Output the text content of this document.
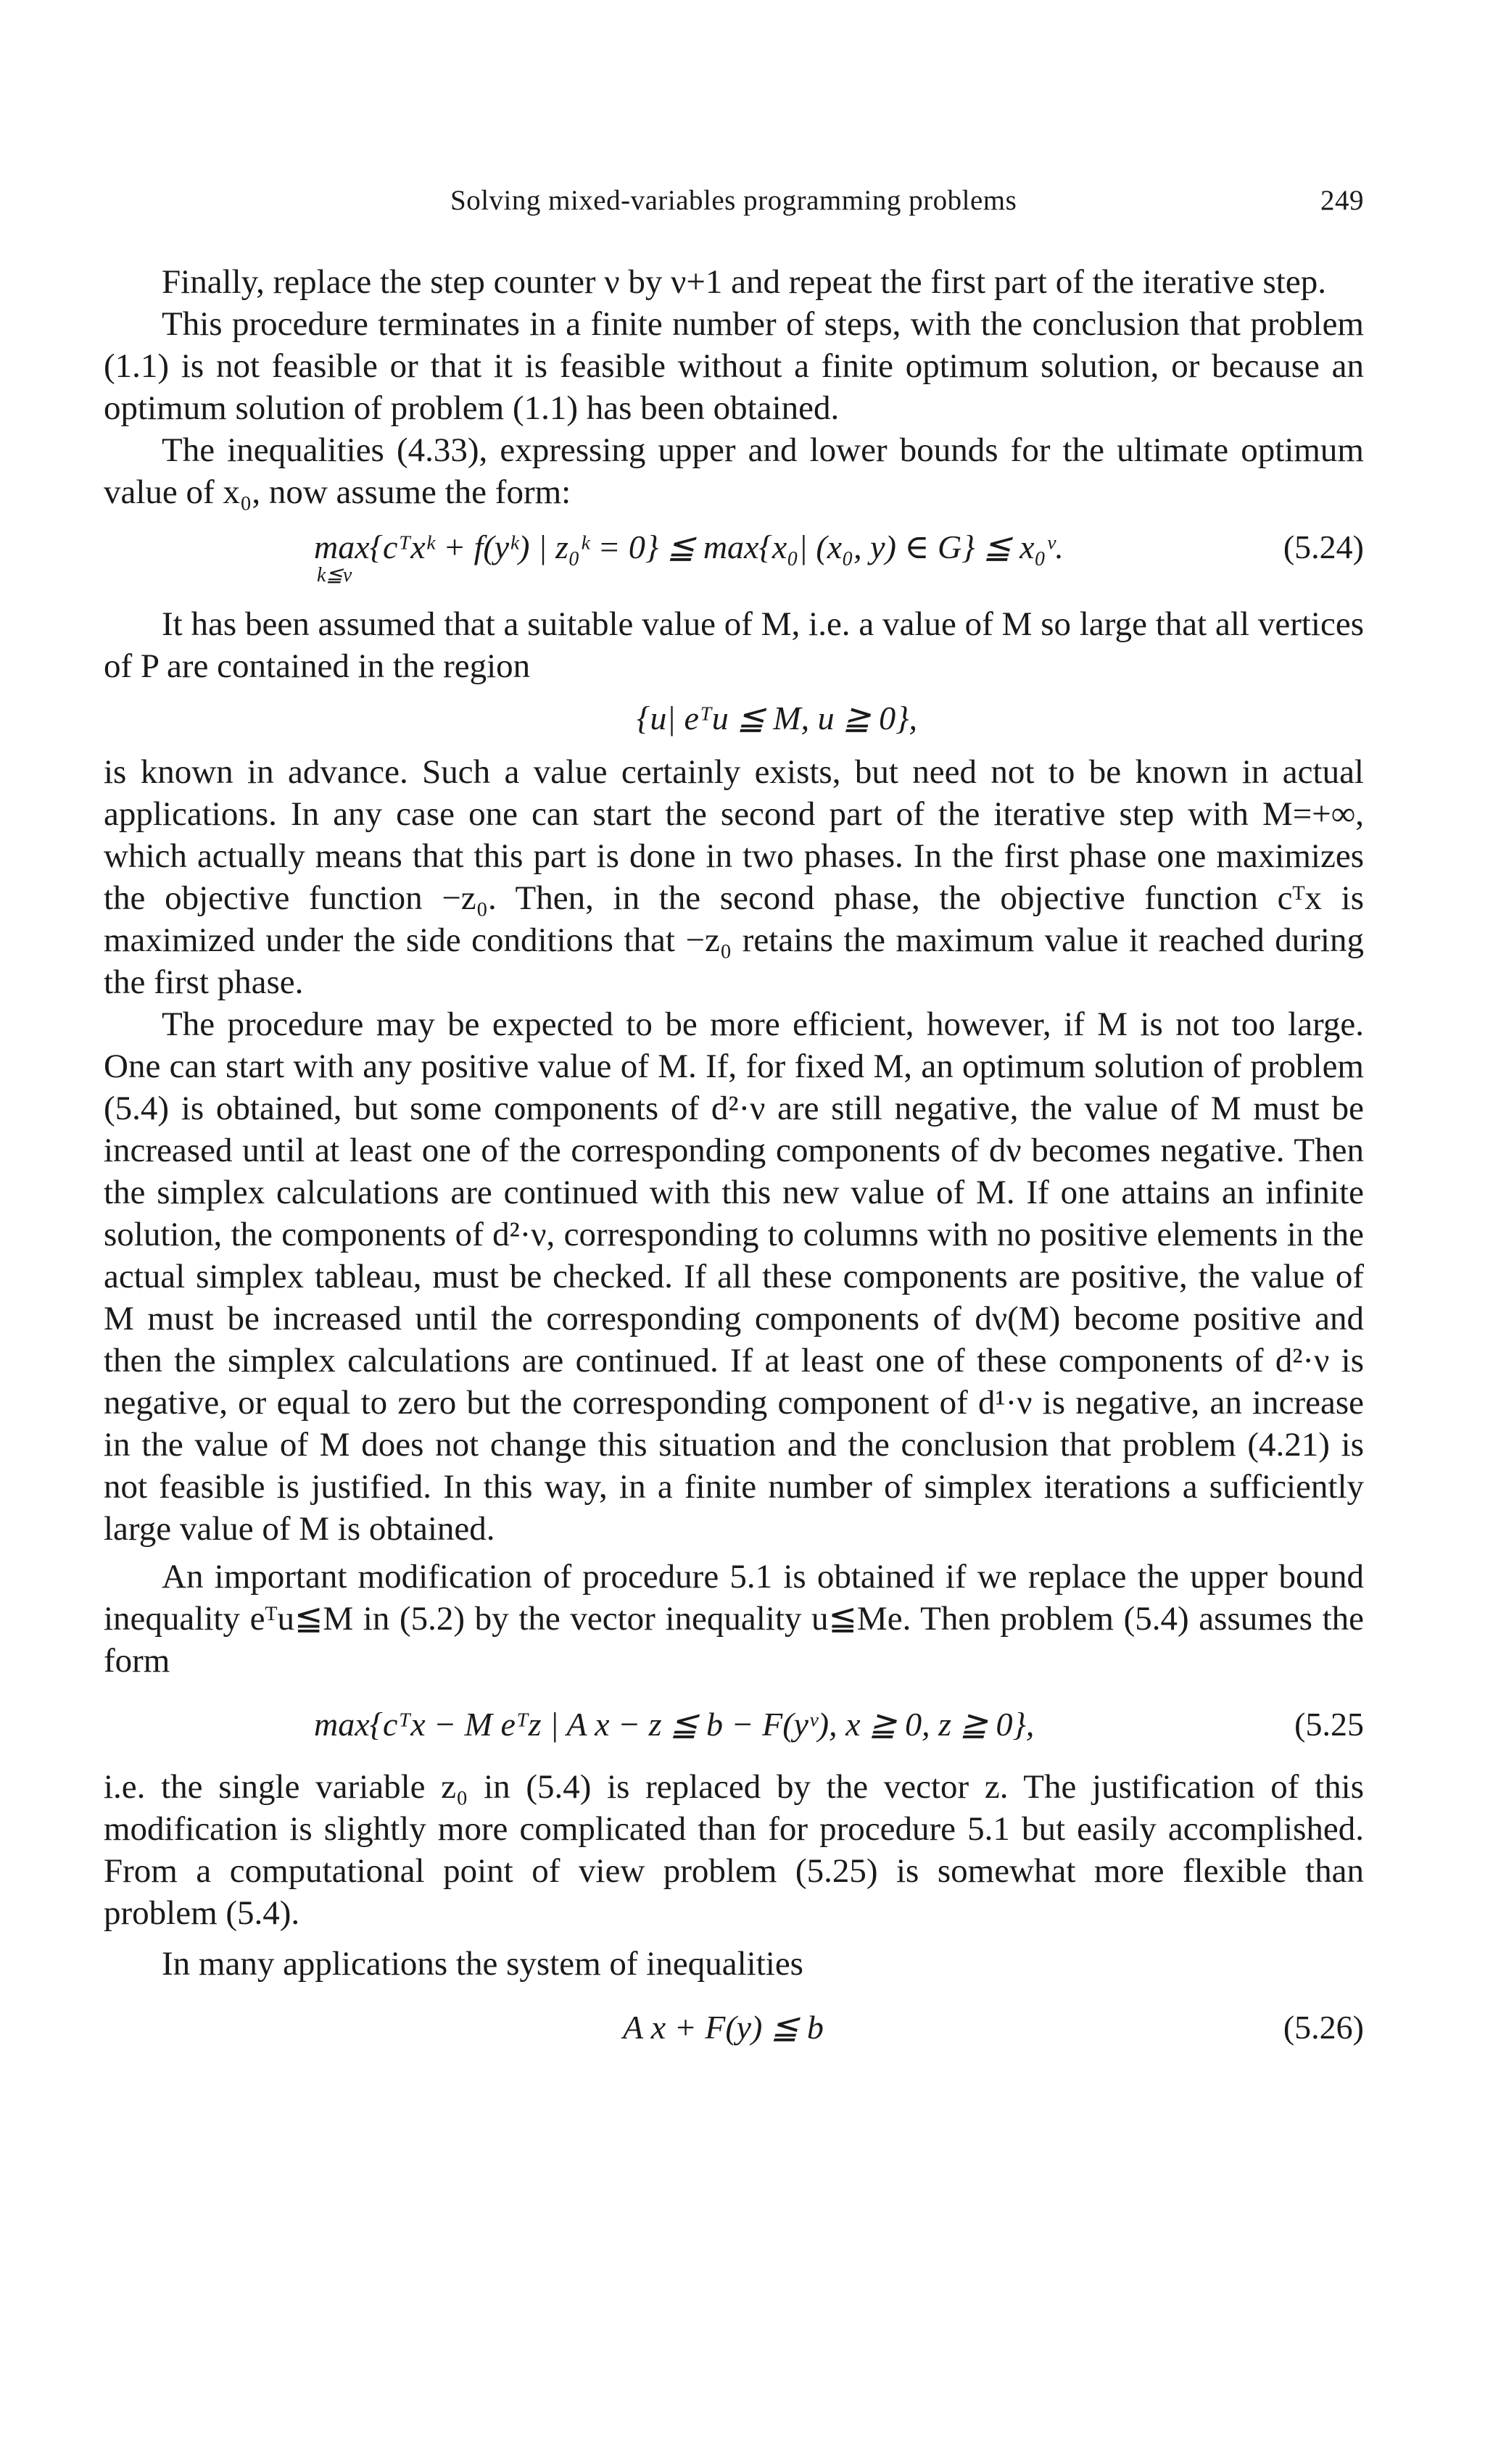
Solving mixed-variables programming problems	249

Finally, replace the step counter ν by ν+1 and repeat the first part of the iterative step.

This procedure terminates in a finite number of steps, with the conclusion that problem (1.1) is not feasible or that it is feasible without a finite optimum solution, or because an optimum solution of problem (1.1) has been obtained.

The inequalities (4.33), expressing upper and lower bounds for the ultimate optimum value of x₀, now assume the form:

max{cᵀxᵏ + f(yᵏ) | z₀ᵏ = 0} ≦ max{x₀| (x₀, y) ∈ G} ≦ x₀ᵛ.	(5.24)
k≦ν

It has been assumed that a suitable value of M, i.e. a value of M so large that all vertices of P are contained in the region

{u| eᵀu ≦ M, u ≧ 0},

is known in advance. Such a value certainly exists, but need not to be known in actual applications. In any case one can start the second part of the iterative step with M=+∞, which actually means that this part is done in two phases. In the first phase one maximizes the objective function −z₀. Then, in the second phase, the objective function cᵀx is maximized under the side conditions that −z₀ retains the maximum value it reached during the first phase.

The procedure may be expected to be more efficient, however, if M is not too large. One can start with any positive value of M. If, for fixed M, an optimum solution of problem (5.4) is obtained, but some components of d²·ν are still negative, the value of M must be increased until at least one of the corresponding components of dν becomes negative. Then the simplex calculations are continued with this new value of M. If one attains an infinite solution, the components of d²·ν, corresponding to columns with no positive elements in the actual simplex tableau, must be checked. If all these components are positive, the value of M must be increased until the corresponding components of dν(M) become positive and then the simplex calculations are continued. If at least one of these components of d²·ν is negative, or equal to zero but the corresponding component of d¹·ν is negative, an increase in the value of M does not change this situation and the conclusion that problem (4.21) is not feasible is justified. In this way, in a finite number of simplex iterations a sufficiently large value of M is obtained.

An important modification of procedure 5.1 is obtained if we replace the upper bound inequality eᵀu≦M in (5.2) by the vector inequality u≦Me. Then problem (5.4) assumes the form

max{cᵀx − M eᵀz | A x − z ≦ b − F(yᵛ), x ≧ 0, z ≧ 0},	(5.25

i.e. the single variable z₀ in (5.4) is replaced by the vector z. The justification of this modification is slightly more complicated than for procedure 5.1 but easily accomplished. From a computational point of view problem (5.25) is somewhat more flexible than problem (5.4).

In many applications the system of inequalities

A x + F(y) ≦ b	(5.26)
